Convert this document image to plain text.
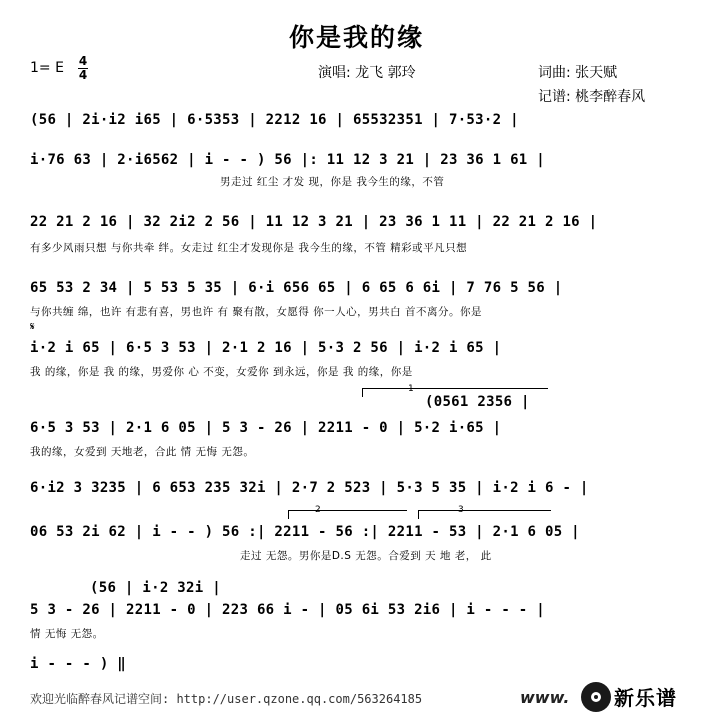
你是我的缘
1= E 4
4	演唱: 龙飞 郭玲	词曲: 张天赋
记谱: 桃李醉春风
(56 | 2i·i2 i65 | 6·5353 | 2212 16 | 65532351 | 7·53·2 |
i·76 63 | 2·i6562 | i - - ) 56 |: 11 12 3 21 | 23 36 1 61 |
男走过 红尘 才发 现，你是 我今生的缘，不管
22 21 2 16 | 32 2i2 2 56 | 11 12 3 21 | 23 36 1 11 | 22 21 2 16 |
有多少风雨只想 与你共牵 绊。女走过 红尘才发现你是 我今生的缘，不管 精彩或平凡只想
65 53 2 34 | 5 53 5 35 | 6·i 656 65 | 6 65 6 6i | 7 76 5 56 |
与你共缠 绵，也许 有悲有喜，男也许 有 聚有散，女愿得 你一人心，男共白 首不离分。你是
𝄋
i·2 i 65 | 6·5 3 53 | 2·1 2 16 | 5·3 2 56 | i·2 i 65 |
我 的缘，你是 我 的缘，男爱你 心 不变，女爱你 到永远，你是 我 的缘，你是
1
(0561 2356 |
6·5 3 53 | 2·1 6 05 | 5 3 - 26 | 2211 - 0 | 5·2 i·65 |
我的缘，女爱到 天地老，合此 情 无悔 无怨。
6·i2 3 3235 | 6 653 235 32i | 2·7 2 523 | 5·3 5 35 | i·2 i 6 - |
2	3
06 53 2i 62 | i - - ) 56 :| 2211 - 56 :| 2211 - 53 | 2·1 6 05 |
走过 无怨。男你是D.S 无怨。合爱到 天 地 老， 此
(56 | i·2 32i |
5 3 - 26 | 2211 - 0 | 223 66 i - | 05 6i 53 2i6 | i - - - |
情 无悔 无怨。
i - - - ) ‖
欢迎光临醉春风记谱空间: http://user.qzone.qq.com/563264185	www. 新乐谱
